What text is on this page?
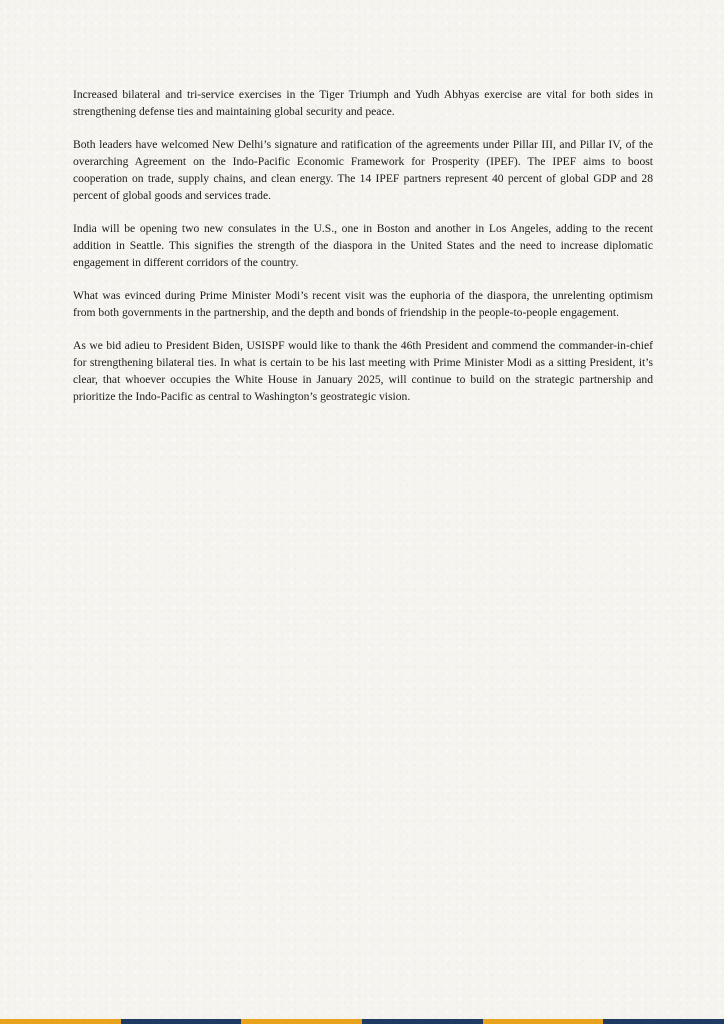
Increased bilateral and tri-service exercises in the Tiger Triumph and Yudh Abhyas exercise are vital for both sides in strengthening defense ties and maintaining global security and peace.

Both leaders have welcomed New Delhi’s signature and ratification of the agreements under Pillar III, and Pillar IV, of the overarching Agreement on the Indo-Pacific Economic Framework for Prosperity (IPEF). The IPEF aims to boost cooperation on trade, supply chains, and clean energy. The 14 IPEF partners represent 40 percent of global GDP and 28 percent of global goods and services trade.

India will be opening two new consulates in the U.S., one in Boston and another in Los Angeles, adding to the recent addition in Seattle. This signifies the strength of the diaspora in the United States and the need to increase diplomatic engagement in different corridors of the country.

What was evinced during Prime Minister Modi’s recent visit was the euphoria of the diaspora, the unrelenting optimism from both governments in the partnership, and the depth and bonds of friendship in the people-to-people engagement.

As we bid adieu to President Biden, USISPF would like to thank the 46th President and commend the commander-in-chief for strengthening bilateral ties. In what is certain to be his last meeting with Prime Minister Modi as a sitting President, it’s clear, that whoever occupies the White House in January 2025, will continue to build on the strategic partnership and prioritize the Indo-Pacific as central to Washington’s geostrategic vision.
